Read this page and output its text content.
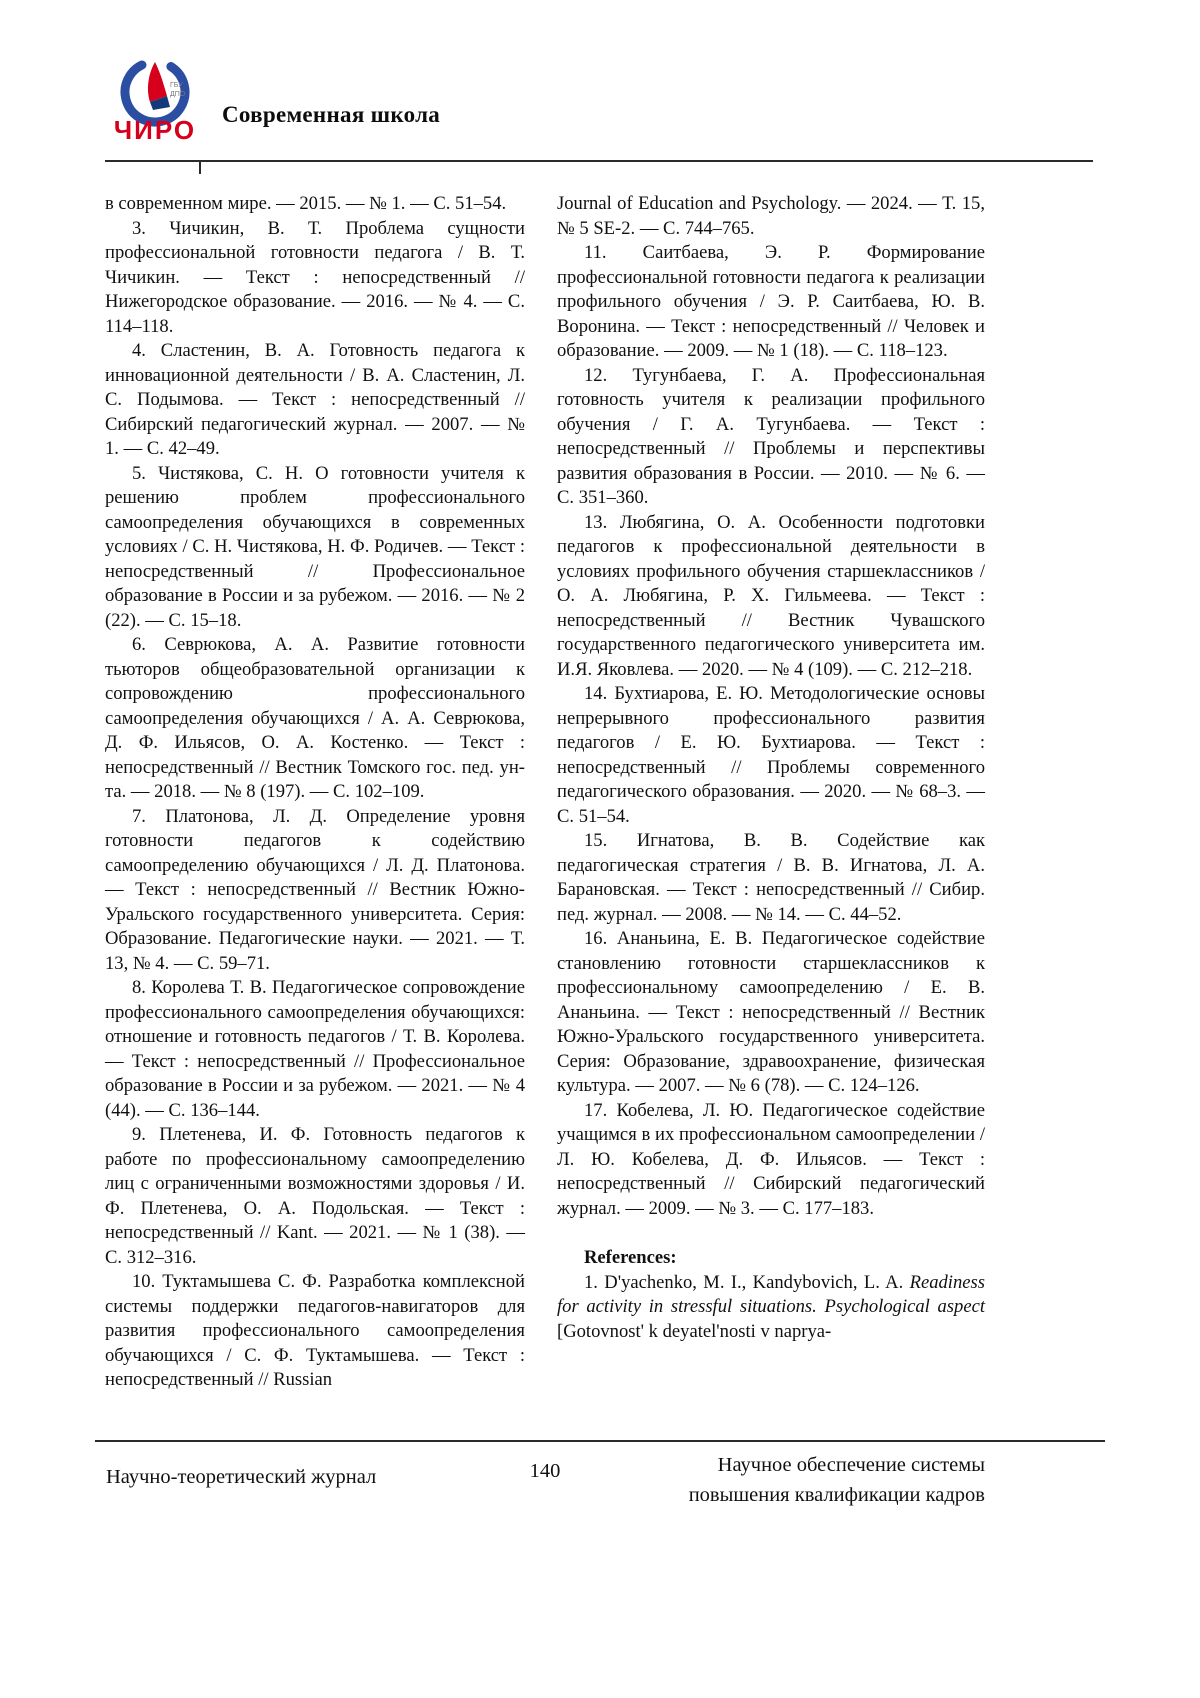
ГБУ
ДПО
ЧИРО
Современная школа

в современном мире. — 2015. — № 1. — С. 51–54.

3. Чичикин, В. Т. Проблема сущности профессиональной готовности педагога / В. Т. Чичикин. — Текст : непосредственный // Нижегородское образование. — 2016. — № 4. — С. 114–118.

4. Сластенин, В. А. Готовность педагога к инновационной деятельности / В. А. Сластенин, Л. С. Подымова. — Текст : непосредственный // Сибирский педагогический журнал. — 2007. — № 1. — С. 42–49.

5. Чистякова, С. Н. О готовности учителя к решению проблем профессионального самоопределения обучающихся в современных условиях / С. Н. Чистякова, Н. Ф. Родичев. — Текст : непосредственный // Профессиональное образование в России и за рубежом. — 2016. — № 2 (22). — С. 15–18.

6. Севрюкова, А. А. Развитие готовности тьюторов общеобразовательной организации к сопровождению профессионального самоопределения обучающихся / А. А. Севрюкова, Д. Ф. Ильясов, О. А. Костенко. — Текст : непосредственный // Вестник Томского гос. пед. ун-та. — 2018. — № 8 (197). — С. 102–109.

7. Платонова, Л. Д. Определение уровня готовности педагогов к содействию самоопределению обучающихся / Л. Д. Платонова. — Текст : непосредственный // Вестник Южно-Уральского государственного университета. Серия: Образование. Педагогические науки. — 2021. — Т. 13, № 4. — С. 59–71.

8. Королева Т. В. Педагогическое сопровождение профессионального самоопределения обучающихся: отношение и готовность педагогов / Т. В. Королева. — Текст : непосредственный // Профессиональное образование в России и за рубежом. — 2021. — № 4 (44). — С. 136–144.

9. Плетенева, И. Ф. Готовность педагогов к работе по профессиональному самоопределению лиц с ограниченными возможностями здоровья / И. Ф. Плетенева, О. А. Подольская. — Текст : непосредственный // Kant. — 2021. — № 1 (38). — С. 312–316.

10. Туктамышева С. Ф. Разработка комплексной системы поддержки педагогов-навигаторов для развития профессионального самоопределения обучающихся / С. Ф. Туктамышева. — Текст : непосредственный // Russian

Journal of Education and Psychology. — 2024. — Т. 15, № 5 SE-2. — С. 744–765.

11. Саитбаева, Э. Р. Формирование профессиональной готовности педагога к реализации профильного обучения / Э. Р. Саитбаева, Ю. В. Воронина. — Текст : непосредственный // Человек и образование. — 2009. — № 1 (18). — С. 118–123.

12. Тугунбаева, Г. А. Профессиональная готовность учителя к реализации профильного обучения / Г. А. Тугунбаева. — Текст : непосредственный // Проблемы и перспективы развития образования в России. — 2010. — № 6. — С. 351–360.

13. Любягина, О. А. Особенности подготовки педагогов к профессиональной деятельности в условиях профильного обучения старшеклассников / О. А. Любягина, Р. Х. Гильмеева. — Текст : непосредственный // Вестник Чувашского государственного педагогического университета им. И.Я. Яковлева. — 2020. — № 4 (109). — С. 212–218.

14. Бухтиарова, Е. Ю. Методологические основы непрерывного профессионального развития педагогов / Е. Ю. Бухтиарова. — Текст : непосредственный // Проблемы современного педагогического образования. — 2020. — № 68–3. — С. 51–54.

15. Игнатова, В. В. Содействие как педагогическая стратегия / В. В. Игнатова, Л. А. Барановская. — Текст : непосредственный // Сибир. пед. журнал. — 2008. — № 14. — С. 44–52.

16. Ананьина, Е. В. Педагогическое содействие становлению готовности старшеклассников к профессиональному самоопределению / Е. В. Ананьина. — Текст : непосредственный // Вестник Южно-Уральского государственного университета. Серия: Образование, здравоохранение, физическая культура. — 2007. — № 6 (78). — С. 124–126.

17. Кобелева, Л. Ю. Педагогическое содействие учащимся в их профессиональном самоопределении / Л. Ю. Кобелева, Д. Ф. Ильясов. — Текст : непосредственный // Сибирский педагогический журнал. — 2009. — № 3. — С. 177–183.

References:

1. D'yachenko, M. I., Kandybovich, L. A. Readiness for activity in stressful situations. Psychological aspect [Gotovnost' k deyatel'nosti v naprya-

Научно-теоретический журнал	140	Научное обеспечение системы
повышения квалификации кадров
